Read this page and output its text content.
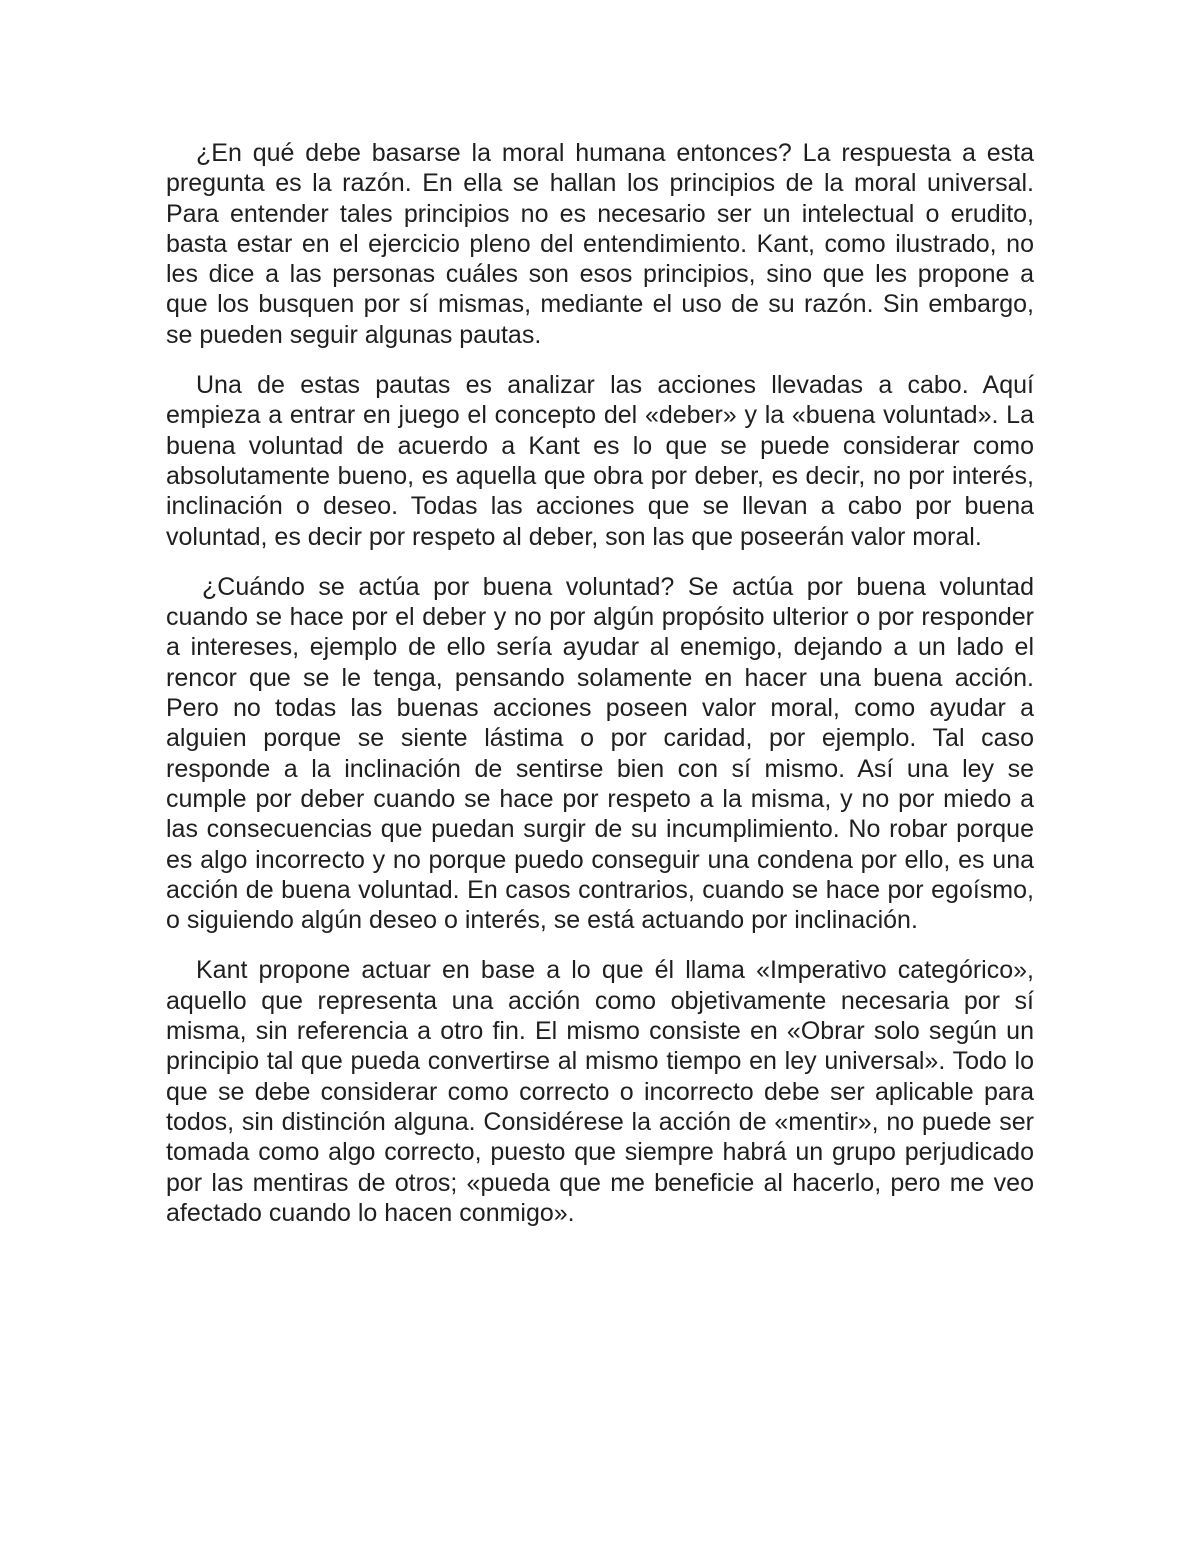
¿En qué debe basarse la moral humana entonces? La respuesta a esta pregunta es la razón. En ella se hallan los principios de la moral universal. Para entender tales principios no es necesario ser un intelectual o erudito, basta estar en el ejercicio pleno del entendimiento. Kant, como ilustrado, no les dice a las personas cuáles son esos principios, sino que les propone a que los busquen por sí mismas, mediante el uso de su razón. Sin embargo, se pueden seguir algunas pautas.

Una de estas pautas es analizar las acciones llevadas a cabo. Aquí empieza a entrar en juego el concepto del «deber» y la «buena voluntad». La buena voluntad de acuerdo a Kant es lo que se puede considerar como absolutamente bueno, es aquella que obra por deber, es decir, no por interés, inclinación o deseo. Todas las acciones que se llevan a cabo por buena voluntad, es decir por respeto al deber, son las que poseerán valor moral.

¿Cuándo se actúa por buena voluntad? Se actúa por buena voluntad cuando se hace por el deber y no por algún propósito ulterior o por responder a intereses, ejemplo de ello sería ayudar al enemigo, dejando a un lado el rencor que se le tenga, pensando solamente en hacer una buena acción. Pero no todas las buenas acciones poseen valor moral, como ayudar a alguien porque se siente lástima o por caridad, por ejemplo. Tal caso responde a la inclinación de sentirse bien con sí mismo. Así una ley se cumple por deber cuando se hace por respeto a la misma, y no por miedo a las consecuencias que puedan surgir de su incumplimiento. No robar porque es algo incorrecto y no porque puedo conseguir una condena por ello, es una acción de buena voluntad. En casos contrarios, cuando se hace por egoísmo, o siguiendo algún deseo o interés, se está actuando por inclinación.

Kant propone actuar en base a lo que él llama «Imperativo categórico», aquello que representa una acción como objetivamente necesaria por sí misma, sin referencia a otro fin. El mismo consiste en «Obrar solo según un principio tal que pueda convertirse al mismo tiempo en ley universal». Todo lo que se debe considerar como correcto o incorrecto debe ser aplicable para todos, sin distinción alguna. Considérese la acción de «mentir», no puede ser tomada como algo correcto, puesto que siempre habrá un grupo perjudicado por las mentiras de otros; «pueda que me beneficie al hacerlo, pero me veo afectado cuando lo hacen conmigo».
